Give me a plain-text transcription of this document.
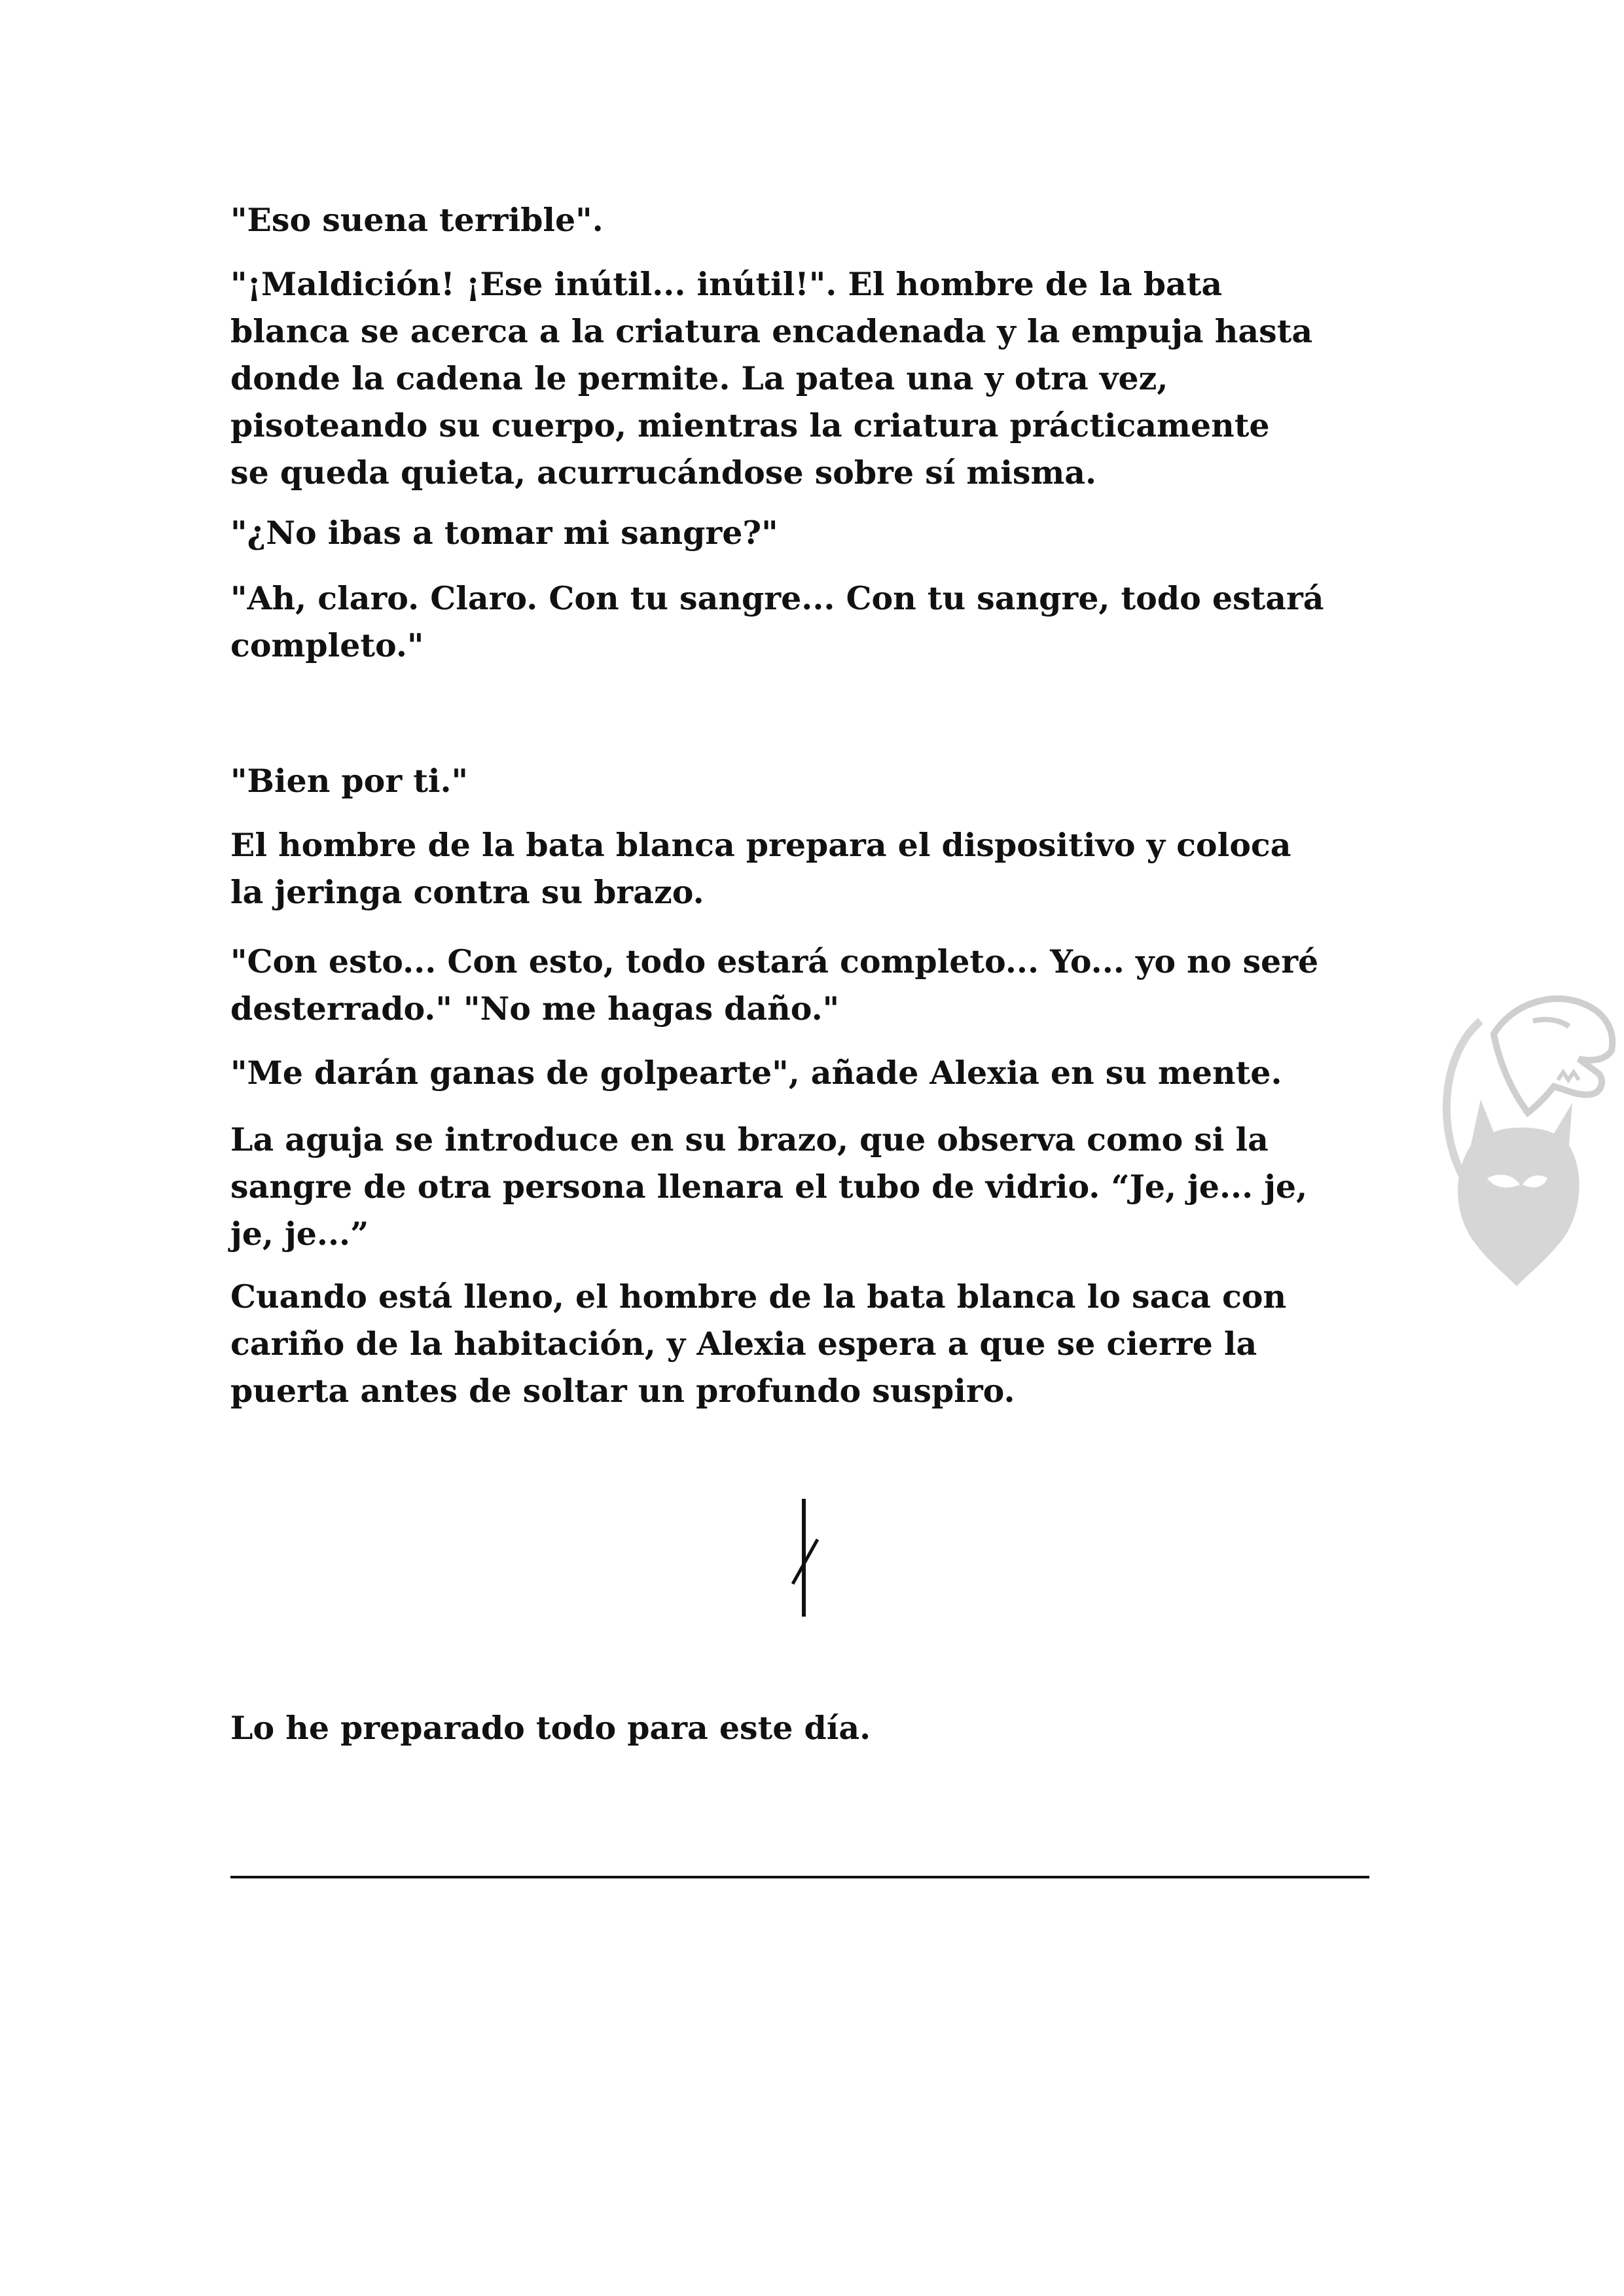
"Eso suena terrible".

"¡Maldición! ¡Ese inútil... inútil!". El hombre de la bata
blanca se acerca a la criatura encadenada y la empuja hasta
donde la cadena le permite. La patea una y otra vez,
pisoteando su cuerpo, mientras la criatura prácticamente
se queda quieta, acurrucándose sobre sí misma.

"¿No ibas a tomar mi sangre?"

"Ah, claro. Claro. Con tu sangre... Con tu sangre, todo estará
completo."

"Bien por ti."

El hombre de la bata blanca prepara el dispositivo y coloca
la jeringa contra su brazo.

"Con esto... Con esto, todo estará completo... Yo... yo no seré
desterrado." "No me hagas daño."

"Me darán ganas de golpearte", añade Alexia en su mente.

La aguja se introduce en su brazo, que observa como si la
sangre de otra persona llenara el tubo de vidrio. “Je, je... je,
je, je...”

Cuando está lleno, el hombre de la bata blanca lo saca con
cariño de la habitación, y Alexia espera a que se cierre la
puerta antes de soltar un profundo suspiro.

Lo he preparado todo para este día.
